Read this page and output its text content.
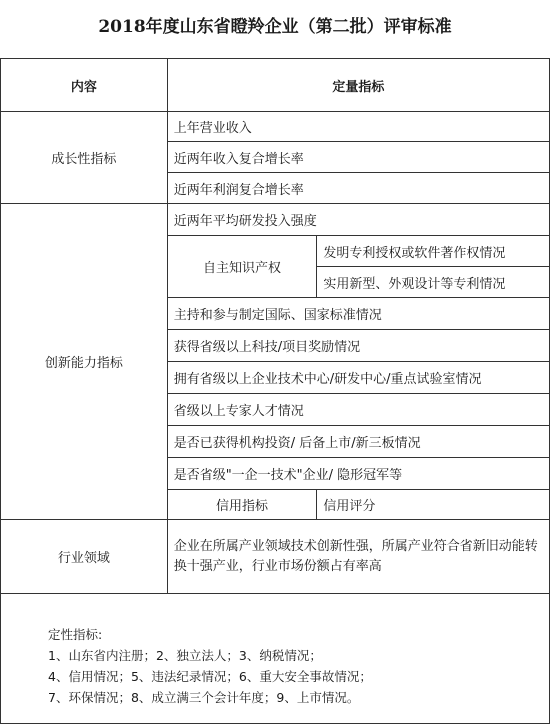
2018年度山东省瞪羚企业（第二批）评审标准
内容	定量指标	
成长性指标	上年营业收入	
	近两年收入复合增长率	
	近两年利润复合增长率	
创新能力指标	近两年平均研发投入强度	
	自主知识产权	发明专利授权或软件著作权情况
		实用新型、外观设计等专利情况
	主持和参与制定国际、国家标准情况	
	获得省级以上科技/项目奖励情况	
	拥有省级以上企业技术中心/研发中心/重点试验室情况	
	省级以上专家人才情况	
	是否已获得机构投资/ 后备上市/新三板情况	
	是否省级"一企一技术"企业/ 隐形冠军等	
	信用指标	信用评分
行业领域	企业在所属产业领域技术创新性强，所属产业符合省新旧动能转换十强产业，行业市场份额占有率高	

定性指标:
1、山东省内注册；2、独立法人；3、纳税情况；
4、信用情况；5、违法纪录情况；6、重大安全事故情况；
7、环保情况；8、成立满三个会计年度；9、上市情况。
